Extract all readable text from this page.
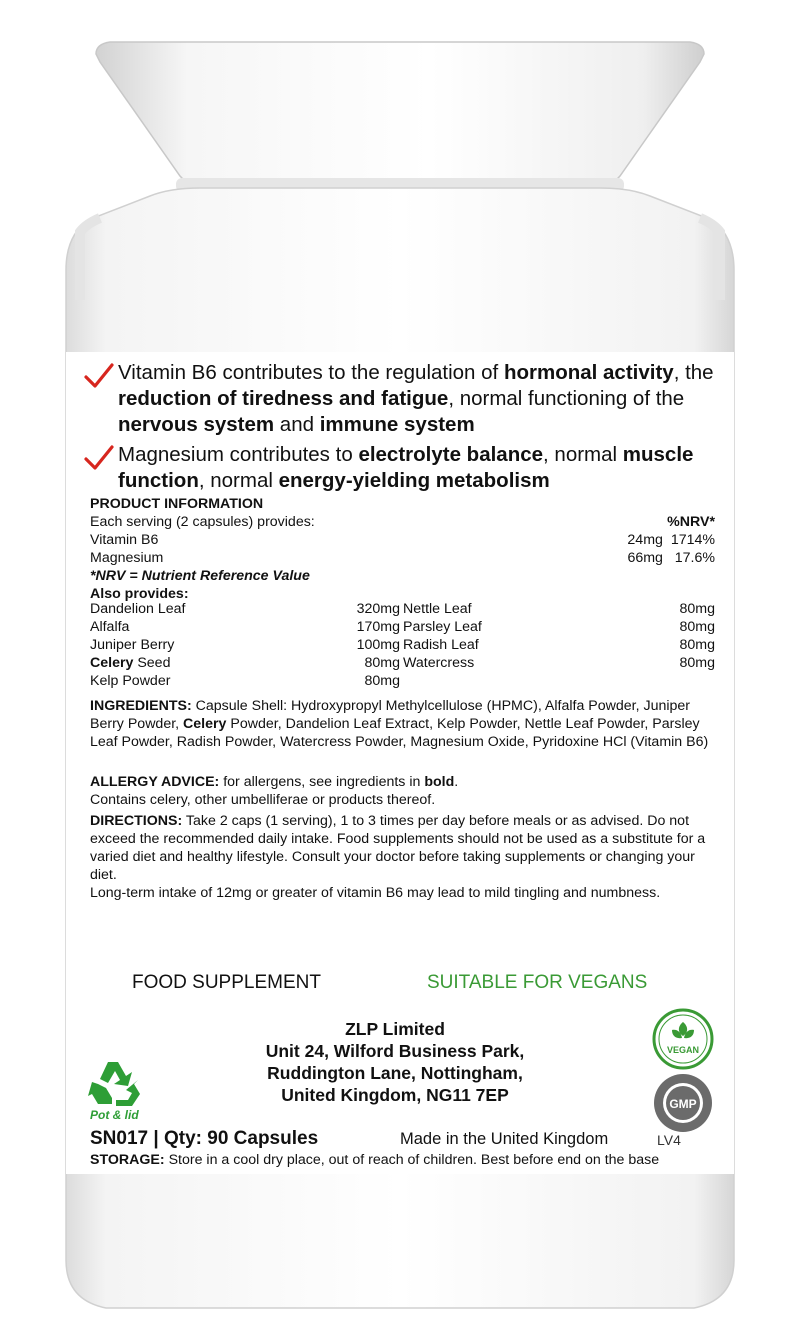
Vitamin B6 contributes to the regulation of hormonal activity, the reduction of tiredness and fatigue, normal functioning of the nervous system and immune system
Magnesium contributes to electrolyte balance, normal muscle function, normal energy-yielding metabolism
PRODUCT INFORMATION
Each serving (2 capsules) provides:	%NRV*
Vitamin B6	24mg 1714%
Magnesium	66mg 17.6%
*NRV = Nutrient Reference Value
Also provides:
Dandelion Leaf	320mg Nettle Leaf	80mg
Alfalfa	170mg Parsley Leaf	80mg
Juniper Berry	100mg Radish Leaf	80mg
Celery Seed	80mg Watercress	80mg
Kelp Powder	80mg
INGREDIENTS: Capsule Shell: Hydroxypropyl Methylcellulose (HPMC), Alfalfa Powder, Juniper Berry Powder, Celery Powder, Dandelion Leaf Extract, Kelp Powder, Nettle Leaf Powder, Parsley Leaf Powder, Radish Powder, Watercress Powder, Magnesium Oxide, Pyridoxine HCl (Vitamin B6)
ALLERGY ADVICE: for allergens, see ingredients in bold.
Contains celery, other umbelliferae or products thereof.
DIRECTIONS: Take 2 caps (1 serving), 1 to 3 times per day before meals or as advised. Do not exceed the recommended daily intake. Food supplements should not be used as a substitute for a varied diet and healthy lifestyle. Consult your doctor before taking supplements or changing your diet.
Long-term intake of 12mg or greater of vitamin B6 may lead to mild tingling and numbness.
FOOD SUPPLEMENT	SUITABLE FOR VEGANS
ZLP Limited
Unit 24, Wilford Business Park,
Ruddington Lane, Nottingham,
United Kingdom, NG11 7EP
Pot & lid
VEGAN
GMP
SN017 | Qty: 90 Capsules	Made in the United Kingdom	LV4
STORAGE: Store in a cool dry place, out of reach of children. Best before end on the base
